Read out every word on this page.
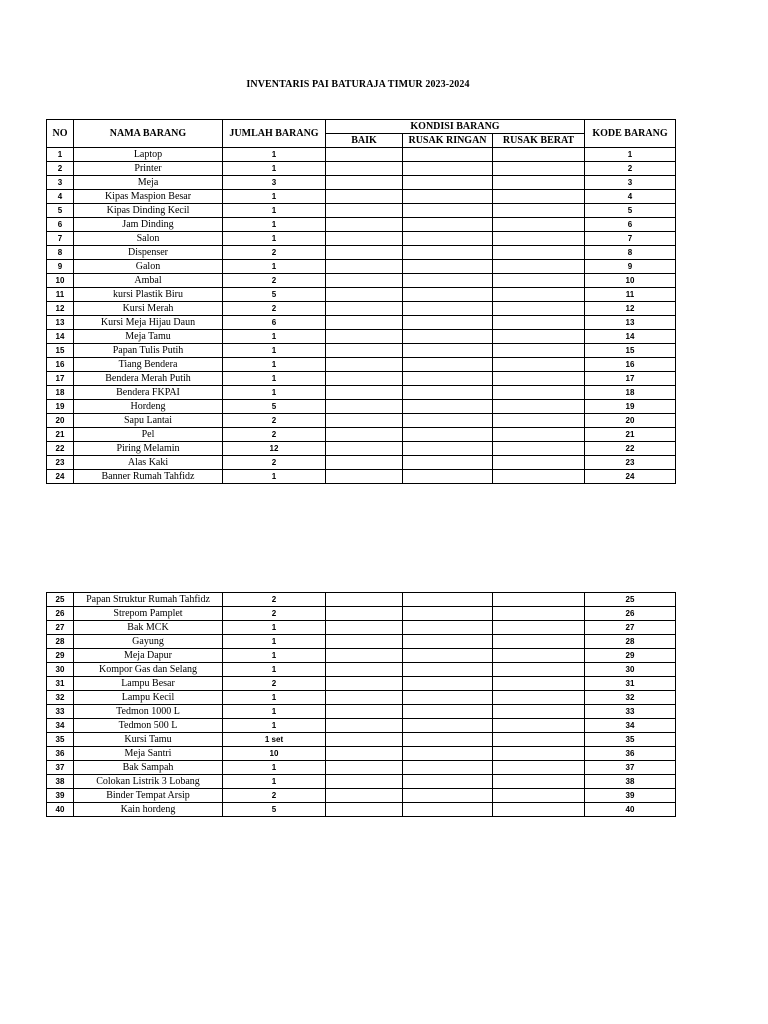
INVENTARIS PAI BATURAJA TIMUR 2023-2024
NO	NAMA BARANG	JUMLAH BARANG	KONDISI BARANG			KODE BARANG
			BAIK	RUSAK RINGAN	RUSAK BERAT	
1	Laptop	1				1
2	Printer	1				2
3	Meja	3				3
4	Kipas Maspion Besar	1				4
5	Kipas Dinding Kecil	1				5
6	Jam Dinding	1				6
7	Salon	1				7
8	Dispenser	2				8
9	Galon	1				9
10	Ambal	2				10
11	kursi Plastik Biru	5				11
12	Kursi Merah	2				12
13	Kursi Meja Hijau Daun	6				13
14	Meja Tamu	1				14
15	Papan Tulis Putih	1				15
16	Tiang Bendera	1				16
17	Bendera Merah Putih	1				17
18	Bendera FKPAI	1				18
19	Hordeng	5				19
20	Sapu Lantai	2				20
21	Pel	2				21
22	Piring Melamin	12				22
23	Alas Kaki	2				23
24	Banner Rumah Tahfidz	1				24
25	Papan Struktur Rumah Tahfidz	2				25
26	Strepom Pamplet	2				26
27	Bak MCK	1				27
28	Gayung	1				28
29	Meja Dapur	1				29
30	Kompor Gas dan Selang	1				30
31	Lampu Besar	2				31
32	Lampu Kecil	1				32
33	Tedmon 1000 L	1				33
34	Tedmon 500 L	1				34
35	Kursi Tamu	1 set				35
36	Meja Santri	10				36
37	Bak Sampah	1				37
38	Colokan Listrik 3 Lobang	1				38
39	Binder Tempat Arsip	2				39
40	Kain hordeng	5				40
